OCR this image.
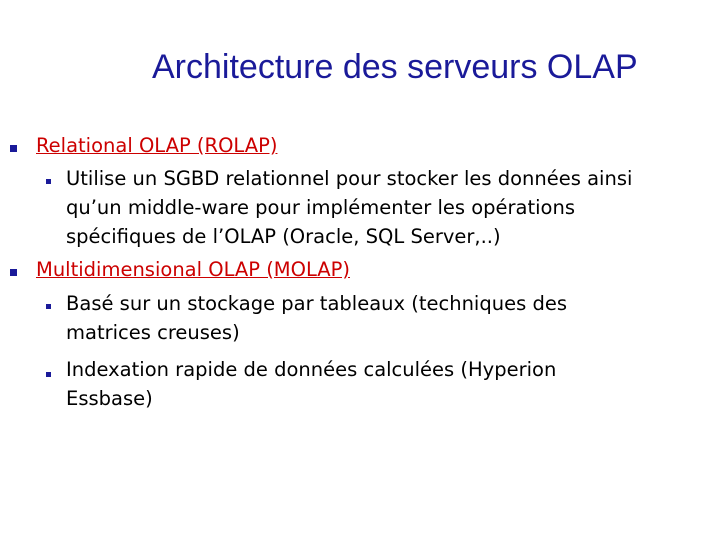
Architecture des serveurs OLAP
Relational OLAP (ROLAP)
Utilise un SGBD relationnel pour stocker les données ainsi
qu’un middle-ware pour implémenter les opérations
spécifiques de l’OLAP (Oracle, SQL Server,..)
Multidimensional OLAP (MOLAP)
Basé sur un stockage par tableaux (techniques des
matrices creuses)
Indexation rapide de données calculées (Hyperion
Essbase)
